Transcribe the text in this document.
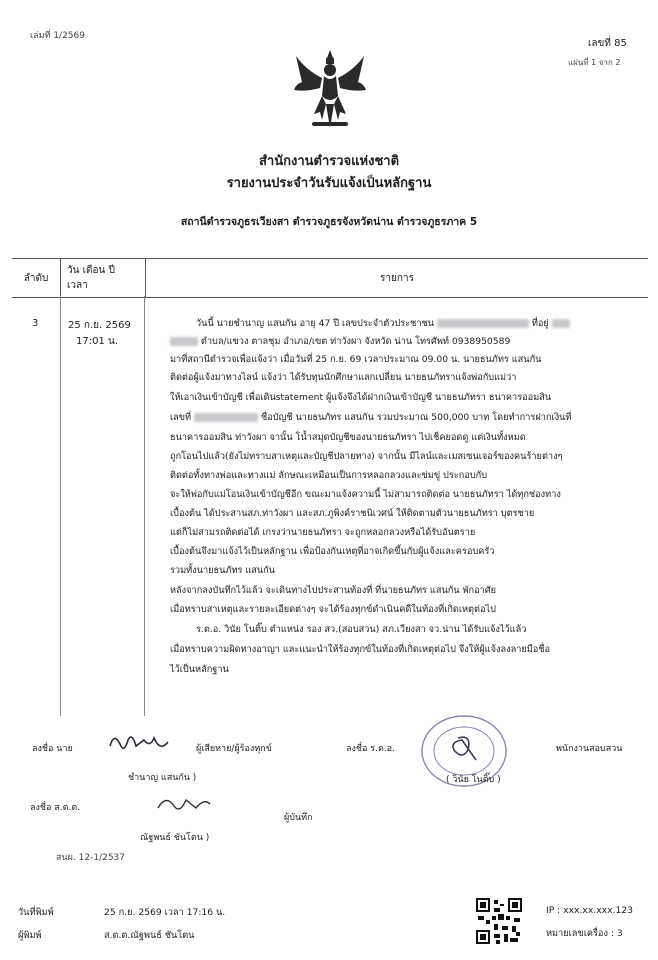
เล่มที่ 1/2569
เลขที่ 85
แผ่นที่ 1 จาก 2
สำนักงานตำรวจแห่งชาติ
รายงานประจำวันรับแจ้งเป็นหลักฐาน
สถานีตำรวจภูธรเวียงสา ตำรวจภูธรจังหวัดน่าน ตำรวจภูธรภาค 5
ลำดับ	
วัน เดือน ปี
เวลา
	รายการ
3	25 ก.ย. 2569
17:01 น.
วันนี้ นายชำนาญ แสนกัน อายุ 47 ปี เลขประจำตัวประชาชน	ที่อยู่
ตำบล/แขวง ตาลชุม อำเภอ/เขต ท่าวังผา จังหวัด น่าน โทรศัพท์ 0938950589
มาที่สถานีตำรวจเพื่อแจ้งว่า เมื่อวันที่ 25 ก.ย. 69 เวลาประมาณ 09.00 น. นายธนภัทร แสนกัน
ติดต่อผู้แจ้งมาทางไลน์ แจ้งว่า ได้รับทุนนักศึกษาแลกเปลี่ยน นายธนภัทราแจ้งพ่อกับแม่ว่า
ให้เอาเงินเข้าบัญชี เพื่อเดินstatement ผู้แจ้งจึงได้ฝากเงินเข้าบัญชี นายธนภัทรา ธนาคารออมสิน
เลขที่	ชื่อบัญชี นายธนภัทร แสนกัน รวมประมาณ 500,000 บาท โดยทำการฝากเงินที่
ธนาคารออมสิน ท่าวังผา จานั้น โน้ำสมุดบัญชีของนายธนภัทรา ไปเช็คยอดดู แต่เงินทั้งหมด
ถูกโอนไปแล้ว(ยังไม่ทราบสาเหตุและบัญชีปลายทาง) จากนั้น มีไลน์และเมสเซนเจอร์ของคนร้ายต่างๆ
ติดต่อทั้งทางพ่อและทางแม่ ลักษณะเหมือนเป็นการหลอกลวงและข่มขู่ ประกอบกับ
จะให้พ่อกับแม่โอนเงินเข้าบัญชีอีก ขณะมาแจ้งความนี้ ไม่สามารถติดต่อ นายธนภัทรา ได้ทุกช่องทาง
เบื้องต้น ได้ประสานสภ.ท่าวังผา และสภ.ภูพิงค์ราชนิเวศน์ ให้ติดตามตัวนายธนภัทรา บุตรชาย
แต่ก็ไม่สามรถติดต่อได้ เกรงว่านายธนภัทรา จะถูกหลอกลวงหรือได้รับอันตราย
เบื้องต้นจึงมาแจ้งไว้เป็นหลักฐาน เพื่อป้องกันเหตุที่อาจเกิดขึ้นกับผู้แจ้งและครอบครัว
รวมทั้งนายธนภัทร แสนกัน
หลังจากลงบันทึกไว้แล้ว จะเดินทางไปประสานท้องที่ ที่นายธนภัทร แสนกัน พักอาศัย
เมื่อทราบสาเหตุและรายละเอียดต่างๆ จะได้ร้องทุกข์ดำเนินคดีในท้องที่เกิดเหตุต่อไป
ร.ต.อ. วินัย โนติ๊บ ตำแหน่ง รอง สว.(สอบสวน) สภ.เวียงสา จว.น่าน ได้รับแจ้งไว้แล้ว
เมื่อทราบความผิดทางอาญา และแนะนำให้ร้องทุกข์ในท้องที่เกิดเหตุต่อไป จึงให้ผู้แจ้งลงลายมือชื่อ
ไว้เป็นหลักฐาน
ลงชื่อ นาย	ผู้เสียหาย/ผู้ร้องทุกข์
ชำนาญ แสนกัน )
ลงชื่อ ร.ต.อ.	พนักงานสอบสวน
( วินัย โนติ๊บ )
ลงชื่อ ส.ต.ต.
ผู้บันทึก
ณัฐพนธ์ ชันโตน )
สนผ. 12-1/2537
วันที่พิมพ์	25 ก.ย. 2569 เวลา 17:16 น.
ผู้พิมพ์	ส.ต.ต.ณัฐพนธ์ ชันโตน
IP : xxx.xx.xxx.123
หมายเลขเครื่อง : 3
